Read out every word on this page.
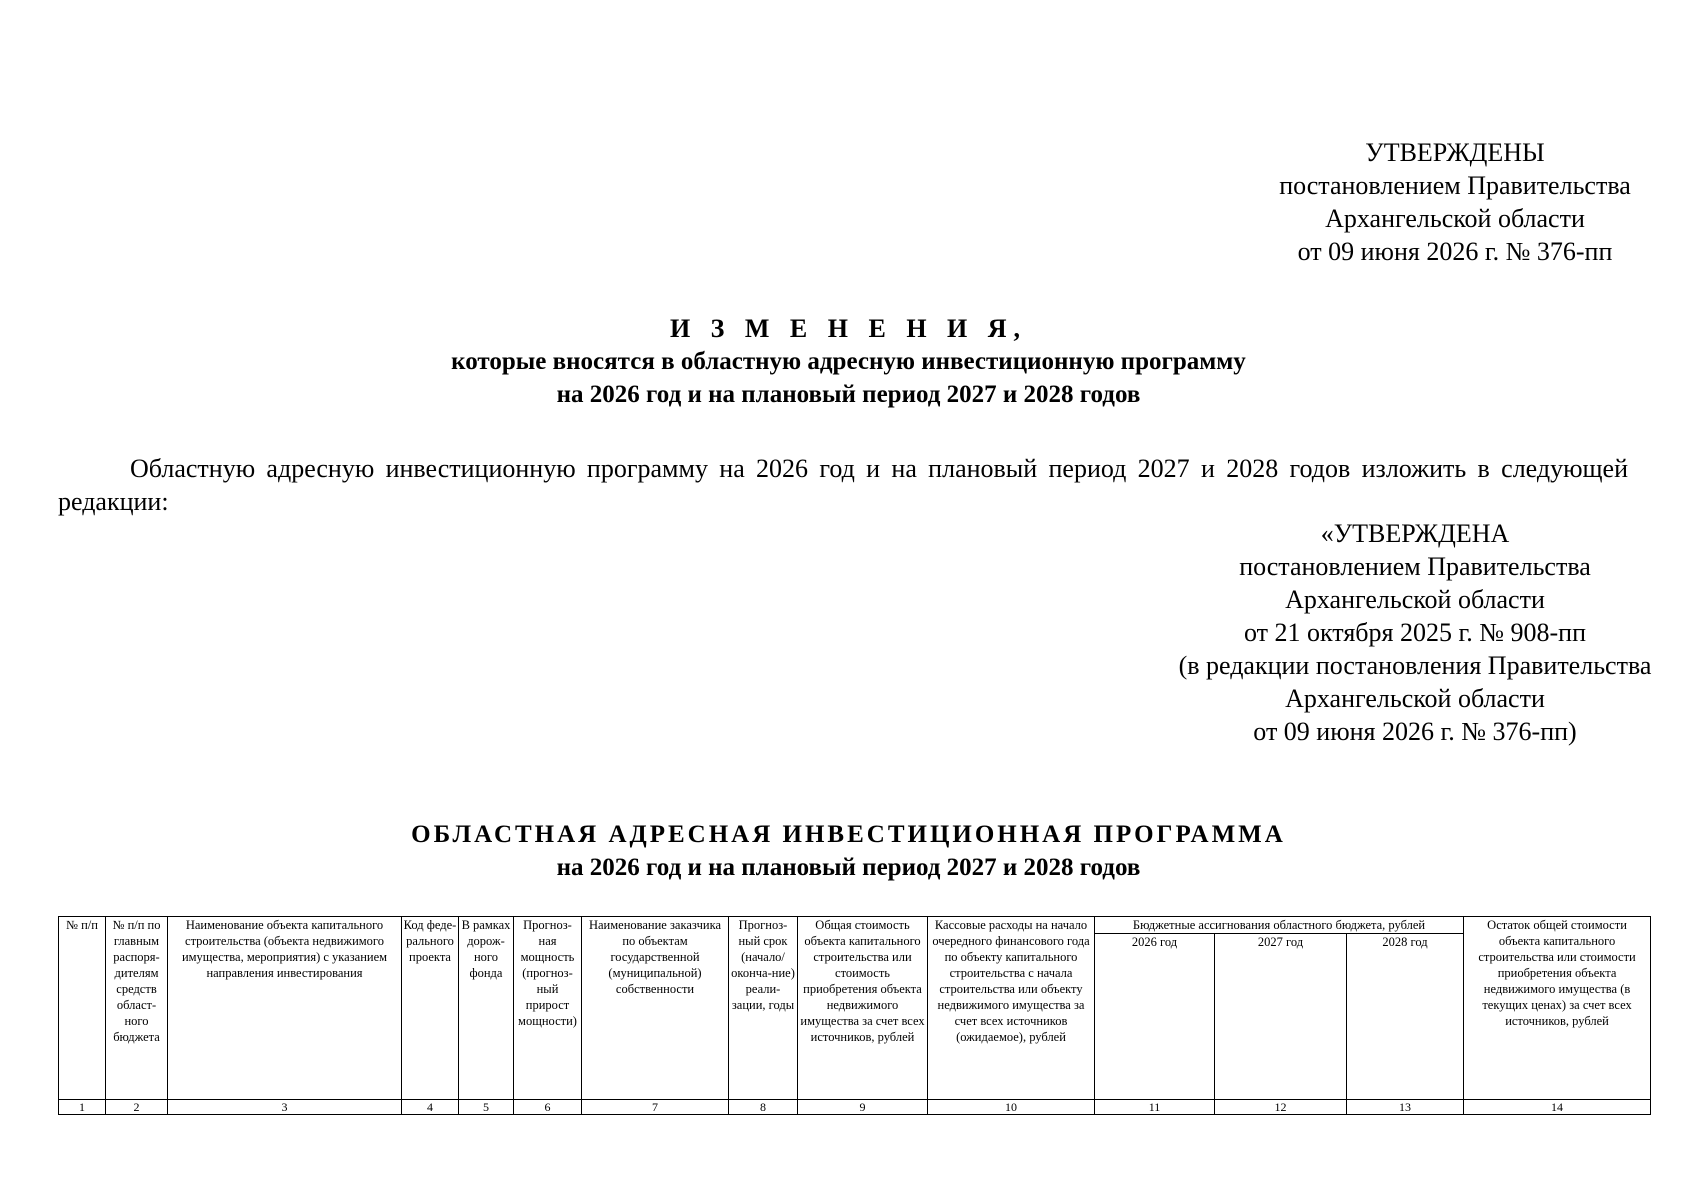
УТВЕРЖДЕНЫ
постановлением Правительства
Архангельской области
от 09 июня 2026 г. № 376-пп
И З М Е Н Е Н И Я,
которые вносятся в областную адресную инвестиционную программу
на 2026 год и на плановый период 2027 и 2028 годов

Областную адресную инвестиционную программу на 2026 год и на плановый период 2027 и 2028 годов изложить в следующей редакции:

«УТВЕРЖДЕНА
постановлением Правительства
Архангельской области
от 21 октября 2025 г. № 908-пп
(в редакции постановления Правительства
Архангельской области
от 09 июня 2026 г. № 376-пп)
ОБЛАСТНАЯ АДРЕСНАЯ ИНВЕСТИЦИОННАЯ ПРОГРАММА
на 2026 год и на плановый период 2027 и 2028 годов
№ п/п	№ п/п по главным распоря-дителям средств област-ного бюджета	Наименование объекта капитального строительства (объекта недвижимого имущества, мероприятия) с указанием направления инвестирования	Код феде-рального проекта	В рамках дорож-ного фонда	Прогноз-ная мощность (прогноз-ный прирост мощности)	Наименование заказчика по объектам государственной (муниципальной) собственности	Прогноз-ный срок (начало/ оконча-ние) реали-зации, годы	Общая стоимость объекта капитального строительства или стоимость приобретения объекта недвижимого имущества за счет всех источников, рублей	Кассовые расходы на начало очередного финансового года по объекту капитального строительства с начала строительства или объекту недвижимого имущества за счет всех источников (ожидаемое), рублей	Бюджетные ассигнования областного бюджета, рублей			Остаток общей стоимости объекта капитального строительства или стоимости приобретения объекта недвижимого имущества (в текущих ценах) за счет всех источников, рублей
										2026 год	2027 год	2028 год	
1	2	3	4	5	6	7	8	9	10	11	12	13	14
